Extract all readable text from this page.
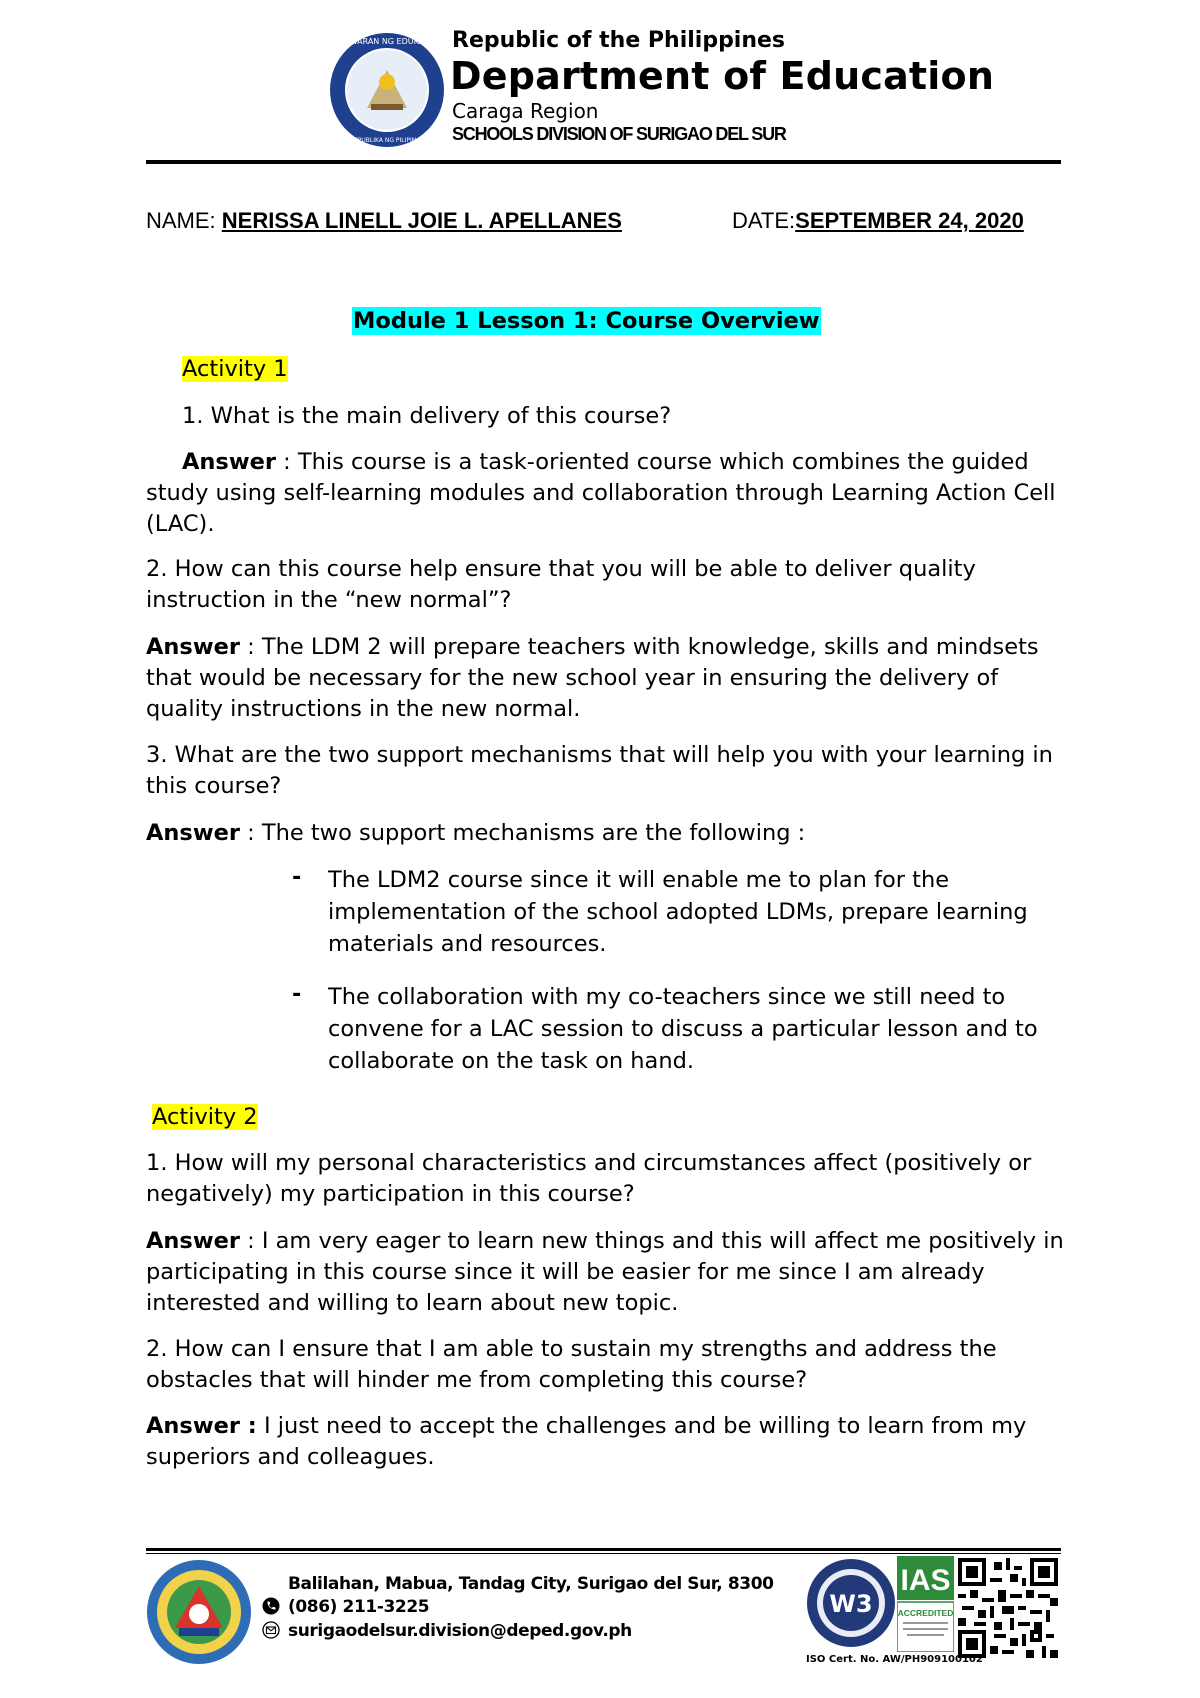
KAGAWARAN NG EDUKASYON
REPUBLIKA NG PILIPINAS
Republic of the Philippines
Department of Education
Caraga Region
SCHOOLS DIVISION OF SURIGAO DEL SUR
NAME: NERISSA LINELL JOIE L. APELLANES	DATE:SEPTEMBER 24, 2020
Module 1 Lesson 1: Course Overview
Activity 1
1. What is the main delivery of this course?
Answer : This course is a task-oriented course which combines the guided study using self-learning modules and collaboration through Learning Action Cell (LAC).
2. How can this course help ensure that you will be able to deliver quality instruction in the “new normal”?
Answer : The LDM 2 will prepare teachers with knowledge, skills and mindsets that would be necessary for the new school year in ensuring the delivery of quality instructions in the new normal.
3. What are the two support mechanisms that will help you with your learning in this course?
Answer : The two support mechanisms are the following :
- The LDM2 course since it will enable me to plan for the implementation of the school adopted LDMs, prepare learning materials and resources.
- The collaboration with my co-teachers since we still need to convene for a LAC session to discuss a particular lesson and to collaborate on the task on hand.
Activity 2
1. How will my personal characteristics and circumstances affect (positively or negatively) my participation in this course?
Answer : I am very eager to learn new things and this will affect me positively in participating in this course since it will be easier for me since I am already interested and willing to learn about new topic.
2. How can I ensure that I am able to sustain my strengths and address the obstacles that will hinder me from completing this course?
Answer : I just need to accept the challenges and be willing to learn from my superiors and colleagues.
Balilahan, Mabua, Tandag City, Surigao del Sur, 8300
(086) 211-3225
surigaodelsur.division@deped.gov.ph
W3
IAS
ACCREDITED
ISO Cert. No. AW/PH909100102
